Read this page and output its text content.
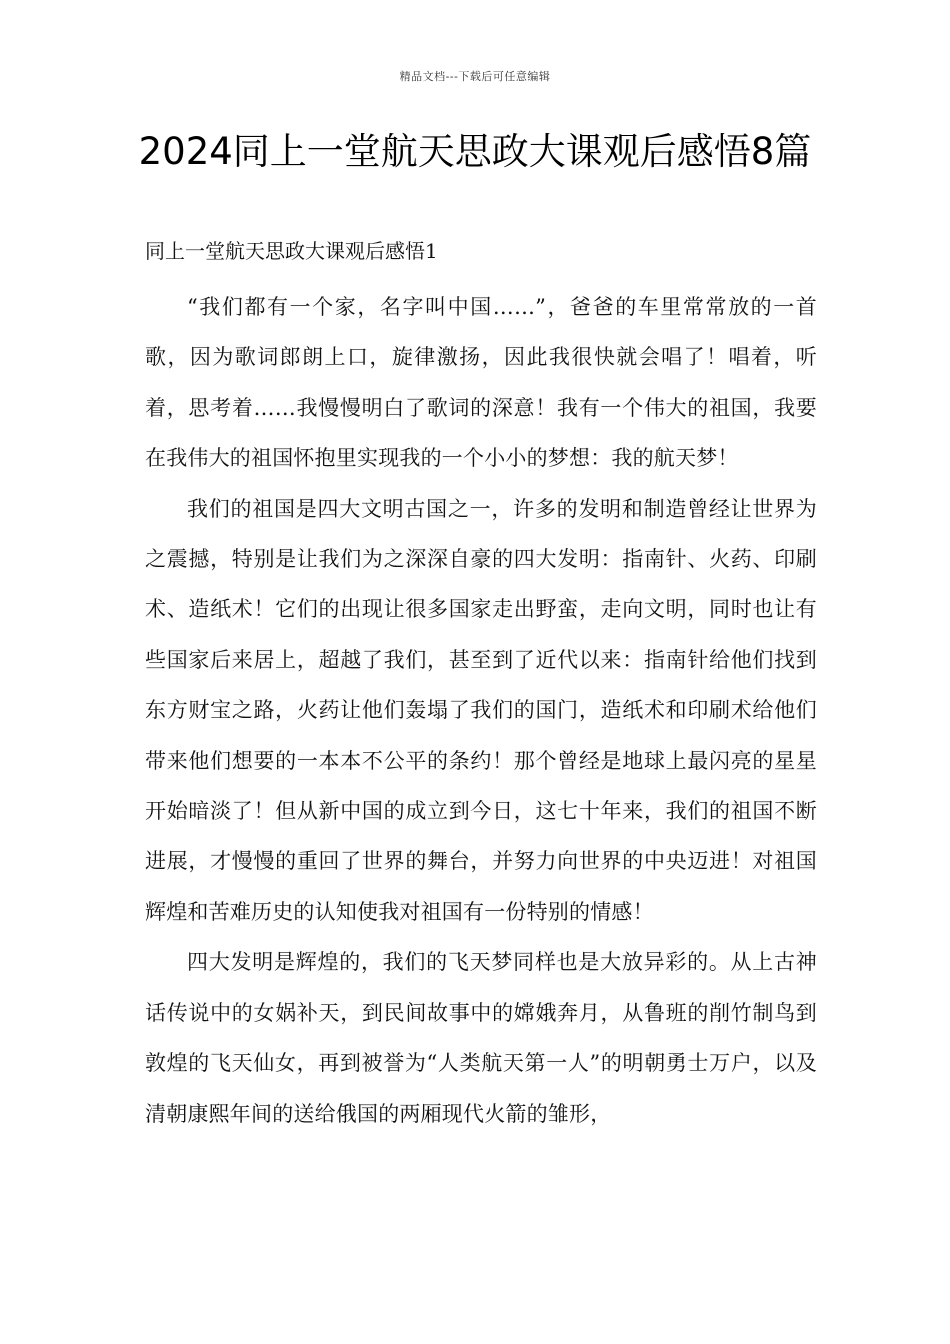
精品文档---下载后可任意编辑
2024同上一堂航天思政大课观后感悟8篇

同上一堂航天思政大课观后感悟1

“我们都有一个家，名字叫中国……”，爸爸的车里常常放的一首歌，因为歌词郎朗上口，旋律激扬，因此我很快就会唱了！唱着，听着，思考着……我慢慢明白了歌词的深意！我有一个伟大的祖国，我要在我伟大的祖国怀抱里实现我的一个小小的梦想：我的航天梦！

我们的祖国是四大文明古国之一，许多的发明和制造曾经让世界为之震撼，特别是让我们为之深深自豪的四大发明：指南针、火药、印刷术、造纸术！它们的出现让很多国家走出野蛮，走向文明，同时也让有些国家后来居上，超越了我们，甚至到了近代以来：指南针给他们找到东方财宝之路，火药让他们轰塌了我们的国门，造纸术和印刷术给他们带来他们想要的一本本不公平的条约！那个曾经是地球上最闪亮的星星开始暗淡了！但从新中国的成立到今日，这七十年来，我们的祖国不断进展，才慢慢的重回了世界的舞台，并努力向世界的中央迈进！对祖国辉煌和苦难历史的认知使我对祖国有一份特别的情感！

四大发明是辉煌的，我们的飞天梦同样也是大放异彩的。从上古神话传说中的女娲补天，到民间故事中的嫦娥奔月，从鲁班的削竹制鸟到敦煌的飞天仙女，再到被誉为“人类航天第一人”的明朝勇士万户，以及清朝康熙年间的送给俄国的两厢现代火箭的雏形，
